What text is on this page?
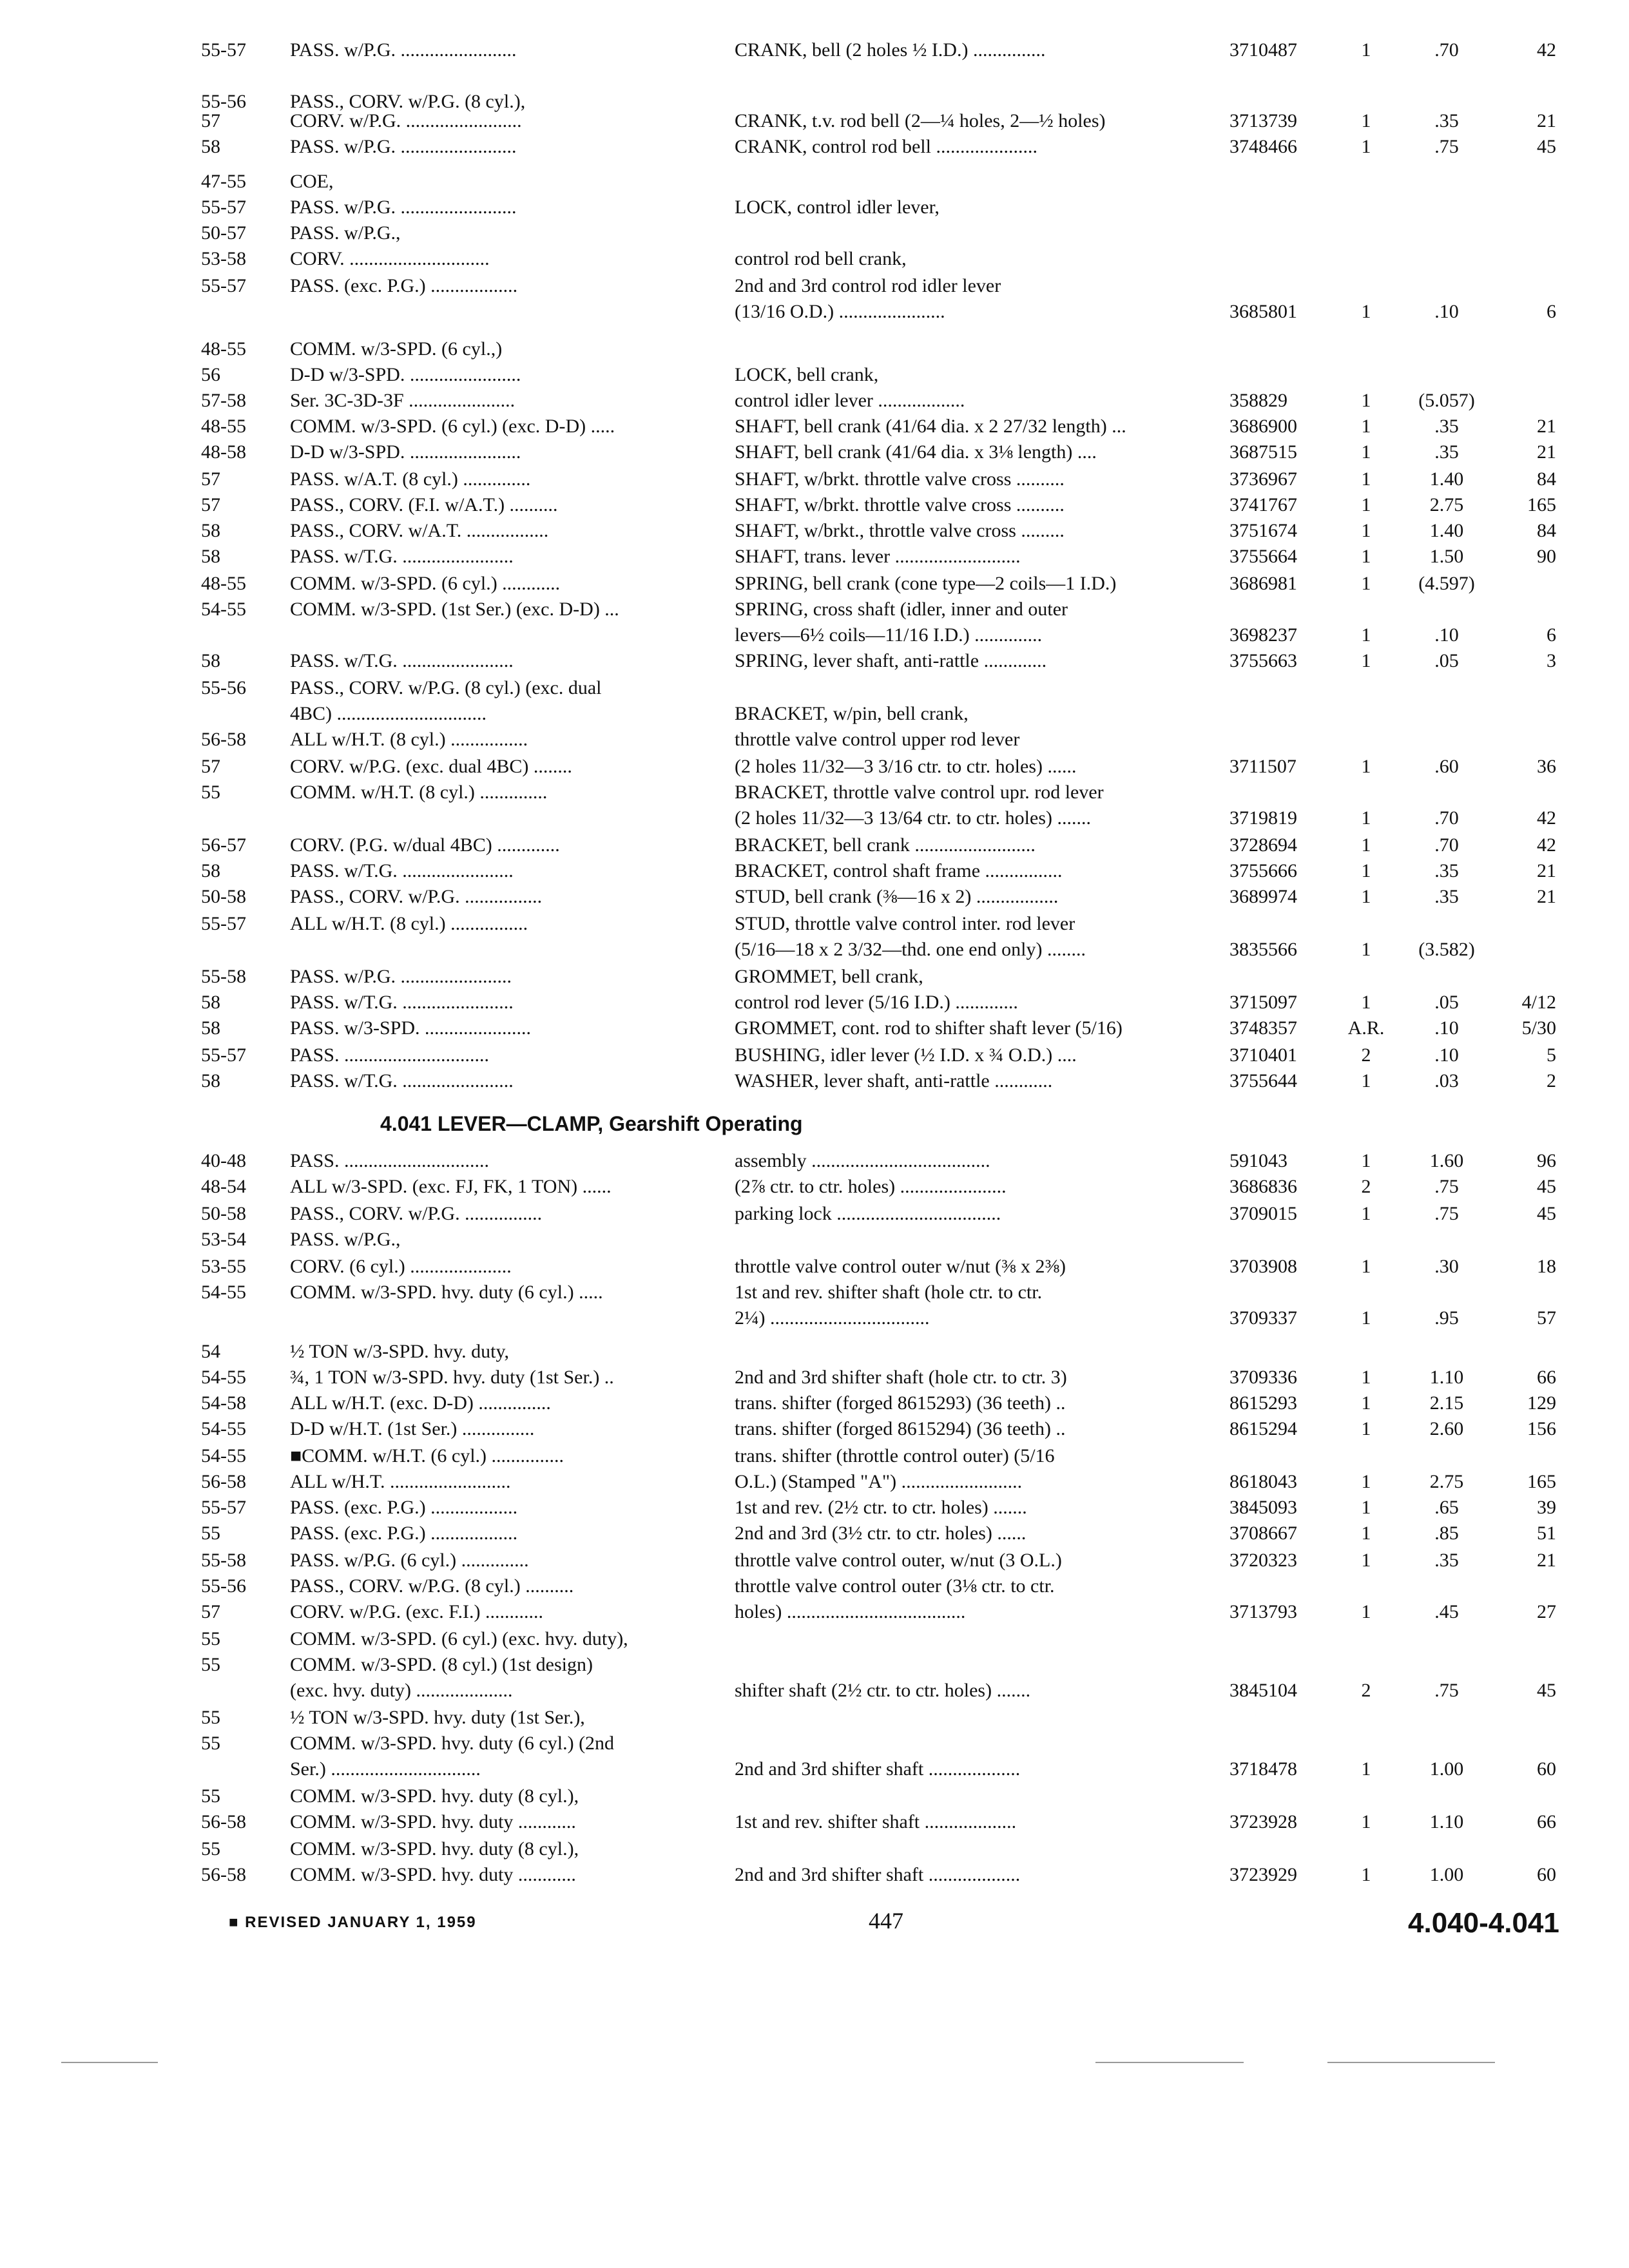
4.041 LEVER—CLAMP, Gearshift Operating
55-57 PASS. w/P.G. ........................	CRANK, bell (2 holes ½ I.D.) ...............	3710487	1	.70	42
55-56 PASS., CORV. w/P.G. (8 cyl.),
57	CORV. w/P.G. ........................	CRANK, t.v. rod bell (2—¼ holes, 2—½ holes)	3713739	1	.35	21
58	PASS. w/P.G. ........................	CRANK, control rod bell .....................	3748466	1	.75	45
47-55 COE,
55-57 PASS. w/P.G. ........................	LOCK, control idler lever,
50-57 PASS. w/P.G.,
53-58 CORV. .............................	control rod bell crank,
55-57 PASS. (exc. P.G.) ..................	2nd and 3rd control rod idler lever
(13/16 O.D.) ......................	3685801	1	.10	6
48-55 COMM. w/3-SPD. (6 cyl.,)
56	D-D w/3-SPD. .......................	LOCK, bell crank,
57-58 Ser. 3C-3D-3F ......................	control idler lever ..................	358829	1	(5.057)
48-55 COMM. w/3-SPD. (6 cyl.) (exc. D-D) .....	SHAFT, bell crank (41/64 dia. x 2 27/32 length) ...	3686900	1	.35	21
48-58 D-D w/3-SPD. .......................	SHAFT, bell crank (41/64 dia. x 3⅛ length) ....	3687515	1	.35	21
57	PASS. w/A.T. (8 cyl.) ..............	SHAFT, w/brkt. throttle valve cross ..........	3736967	1	1.40	84
57	PASS., CORV. (F.I. w/A.T.) ..........	SHAFT, w/brkt. throttle valve cross ..........	3741767	1	2.75	165
58	PASS., CORV. w/A.T. .................	SHAFT, w/brkt., throttle valve cross .........	3751674	1	1.40	84
58	PASS. w/T.G. .......................	SHAFT, trans. lever ..........................	3755664	1	1.50	90
48-55 COMM. w/3-SPD. (6 cyl.) ............	SPRING, bell crank (cone type—2 coils—1 I.D.)	3686981	1	(4.597)
54-55 COMM. w/3-SPD. (1st Ser.) (exc. D-D) ...	SPRING, cross shaft (idler, inner and outer
levers—6½ coils—11/16 I.D.) ..............	3698237	1	.10	6
58	PASS. w/T.G. .......................	SPRING, lever shaft, anti-rattle .............	3755663	1	.05	3
55-56 PASS., CORV. w/P.G. (8 cyl.) (exc. dual
4BC) ...............................	BRACKET, w/pin, bell crank,
56-58 ALL w/H.T. (8 cyl.) ................	throttle valve control upper rod lever
57	CORV. w/P.G. (exc. dual 4BC) ........	(2 holes 11/32—3 3/16 ctr. to ctr. holes) ......	3711507	1	.60	36
55	COMM. w/H.T. (8 cyl.) ..............	BRACKET, throttle valve control upr. rod lever
(2 holes 11/32—3 13/64 ctr. to ctr. holes) .......	3719819	1	.70	42
56-57 CORV. (P.G. w/dual 4BC) .............	BRACKET, bell crank .........................	3728694	1	.70	42
58	PASS. w/T.G. .......................	BRACKET, control shaft frame ................	3755666	1	.35	21
50-58 PASS., CORV. w/P.G. ................	STUD, bell crank (⅜—16 x 2) .................	3689974	1	.35	21
55-57 ALL w/H.T. (8 cyl.) ................	STUD, throttle valve control inter. rod lever
(5/16—18 x 2 3/32—thd. one end only) ........	3835566	1	(3.582)
55-58 PASS. w/P.G. .......................	GROMMET, bell crank,
58	PASS. w/T.G. .......................	control rod lever (5/16 I.D.) .............	3715097	1	.05	4/12
58	PASS. w/3-SPD. ......................	GROMMET, cont. rod to shifter shaft lever (5/16)	3748357	A.R.	.10	5/30
55-57 PASS. ..............................	BUSHING, idler lever (½ I.D. x ¾ O.D.) ....	3710401	2	.10	5
58	PASS. w/T.G. .......................	WASHER, lever shaft, anti-rattle ............	3755644	1	.03	2
40-48 PASS. ..............................	assembly .....................................	591043	1	1.60	96
48-54 ALL w/3-SPD. (exc. FJ, FK, 1 TON) ......	(2⅞ ctr. to ctr. holes) ......................	3686836	2	.75	45
50-58 PASS., CORV. w/P.G. ................	parking lock ..................................	3709015	1	.75	45
53-54 PASS. w/P.G.,
53-55 CORV. (6 cyl.) .....................	throttle valve control outer w/nut (⅜ x 2⅜)	3703908	1	.30	18
54-55 COMM. w/3-SPD. hvy. duty (6 cyl.) .....	1st and rev. shifter shaft (hole ctr. to ctr.
2¼) .................................	3709337	1	.95	57
54	½ TON w/3-SPD. hvy. duty,
54-55 ¾, 1 TON w/3-SPD. hvy. duty (1st Ser.) ..	2nd and 3rd shifter shaft (hole ctr. to ctr. 3)	3709336	1	1.10	66
54-58 ALL w/H.T. (exc. D-D) ...............	trans. shifter (forged 8615293) (36 teeth) ..	8615293	1	2.15	129
54-55 D-D w/H.T. (1st Ser.) ...............	trans. shifter (forged 8615294) (36 teeth) ..	8615294	1	2.60	156
54-55 ■COMM. w/H.T. (6 cyl.) ...............	trans. shifter (throttle control outer) (5/16
56-58 ALL w/H.T. .........................	O.L.) (Stamped "A") .........................	8618043	1	2.75	165
55-57 PASS. (exc. P.G.) ..................	1st and rev. (2½ ctr. to ctr. holes) .......	3845093	1	.65	39
55	PASS. (exc. P.G.) ..................	2nd and 3rd (3½ ctr. to ctr. holes) ......	3708667	1	.85	51
55-58 PASS. w/P.G. (6 cyl.) ..............	throttle valve control outer, w/nut (3 O.L.)	3720323	1	.35	21
55-56 PASS., CORV. w/P.G. (8 cyl.) ..........	throttle valve control outer (3⅛ ctr. to ctr.
57	CORV. w/P.G. (exc. F.I.) ............	holes) .....................................	3713793	1	.45	27
55	COMM. w/3-SPD. (6 cyl.) (exc. hvy. duty),
55	COMM. w/3-SPD. (8 cyl.) (1st design)
(exc. hvy. duty) ....................	shifter shaft (2½ ctr. to ctr. holes) .......	3845104	2	.75	45
55	½ TON w/3-SPD. hvy. duty (1st Ser.),
55	COMM. w/3-SPD. hvy. duty (6 cyl.) (2nd
Ser.) ...............................	2nd and 3rd shifter shaft ...................	3718478	1	1.00	60
55	COMM. w/3-SPD. hvy. duty (8 cyl.),
56-58 COMM. w/3-SPD. hvy. duty ............	1st and rev. shifter shaft ...................	3723928	1	1.10	66
55	COMM. w/3-SPD. hvy. duty (8 cyl.),
56-58 COMM. w/3-SPD. hvy. duty ............	2nd and 3rd shifter shaft ...................	3723929	1	1.00	60
■ REVISED JANUARY 1, 1959	447	4.040-4.041
